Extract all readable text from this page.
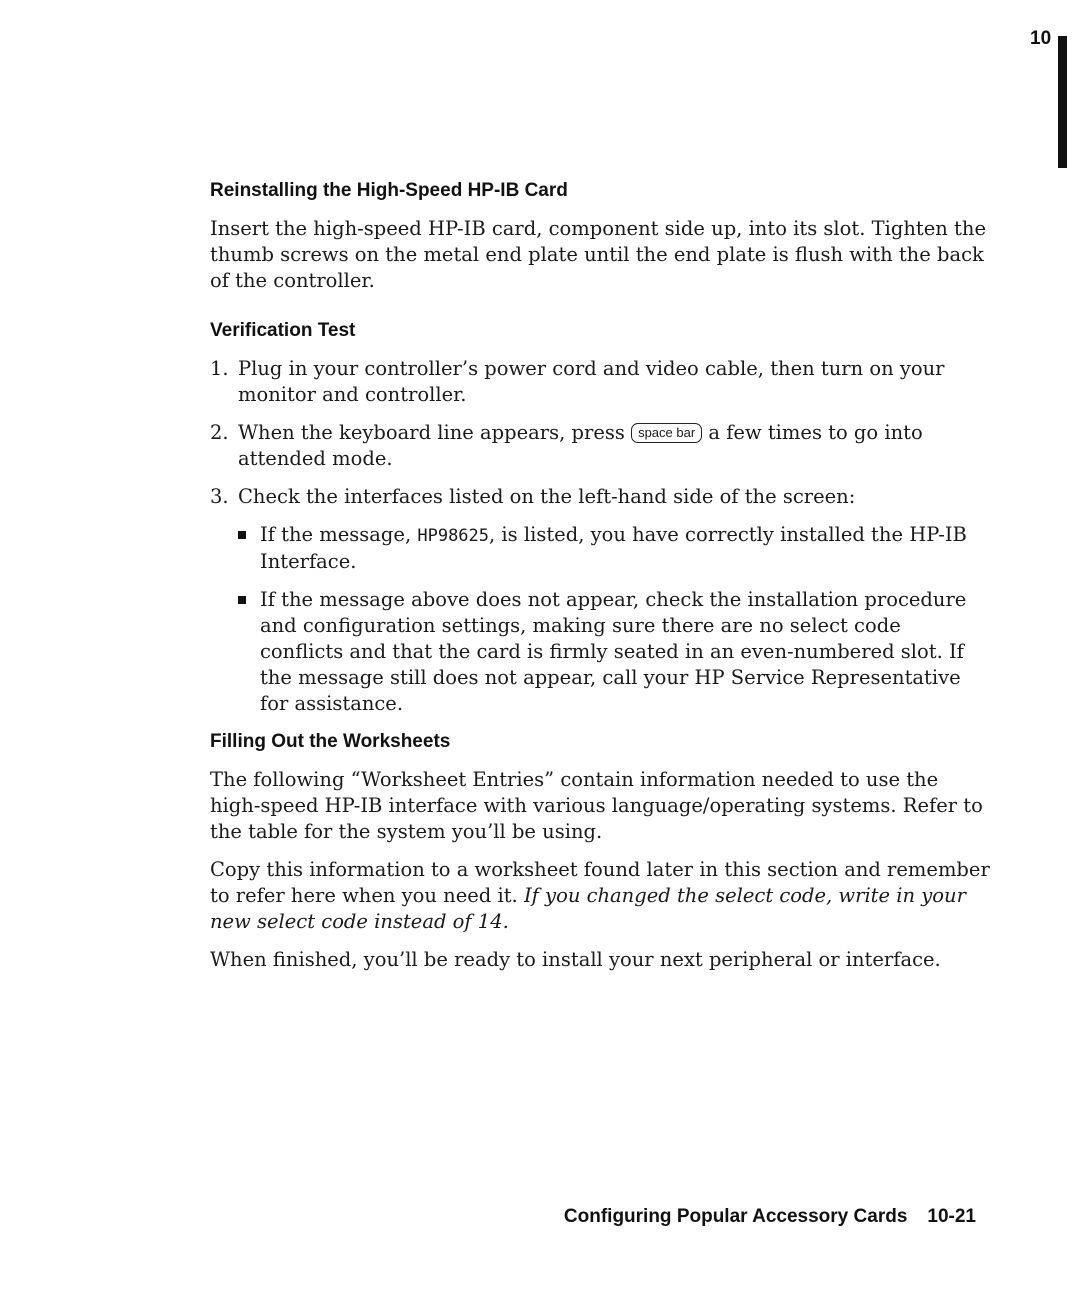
10
Reinstalling the High-Speed HP-IB Card

Insert the high-speed HP-IB card, component side up, into its slot. Tighten the thumb screws on the metal end plate until the end plate is flush with the back of the controller.

Verification Test
1. Plug in your controller’s power cord and video cable, then turn on your monitor and controller.
2. When the keyboard line appears, press space bar a few times to go into attended mode.
3. Check the interfaces listed on the left-hand side of the screen:
If the message, HP98625, is listed, you have correctly installed the HP-IB Interface.
If the message above does not appear, check the installation procedure and configuration settings, making sure there are no select code conflicts and that the card is firmly seated in an even-numbered slot. If the message still does not appear, call your HP Service Representative for assistance.
Filling Out the Worksheets

The following “Worksheet Entries” contain information needed to use the high-speed HP-IB interface with various language/operating systems. Refer to the table for the system you’ll be using.

Copy this information to a worksheet found later in this section and remember to refer here when you need it. If you changed the select code, write in your new select code instead of 14.

When finished, you’ll be ready to install your next peripheral or interface.

Configuring Popular Accessory Cards 10-21
